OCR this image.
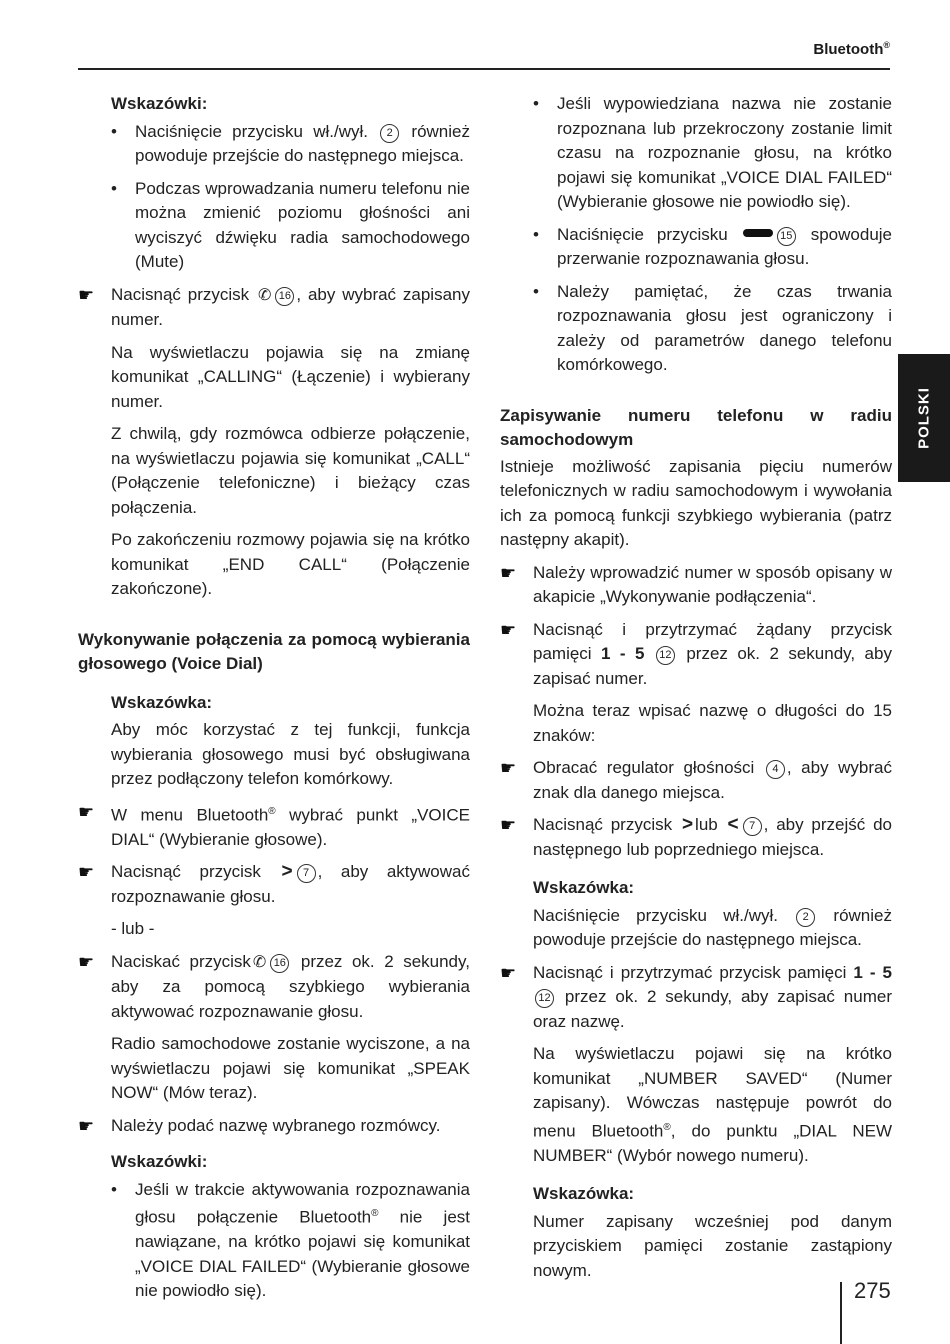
Bluetooth®
POLSKI

Wskazówki:

• Naciśnięcie przycisku wł./wył. 2 również powoduje przejście do następnego miejsca.

• Podczas wprowadzania numeru telefonu nie można zmienić poziomu głośności ani wyciszyć dźwięku radia samochodowego (Mute)

☛ Nacisnąć przycisk ✆ 16 , aby wybrać zapisany numer.

Na wyświetlaczu pojawia się na zmianę komunikat „CALLING“ (Łączenie) i wybierany numer.

Z chwilą, gdy rozmówca odbierze połączenie, na wyświetlaczu pojawia się komunikat „CALL“ (Połączenie telefoniczne) i bieżący czas połączenia.

Po zakończeniu rozmowy pojawia się na krótko komunikat „END CALL“ (Połączenie zakończone).

Wykonywanie połączenia za pomocą wybierania głosowego (Voice Dial)

Wskazówka:

Aby móc korzystać z tej funkcji, funkcja wybierania głosowego musi być obsługiwana przez podłączony telefon komórkowy.

☛ W menu Bluetooth® wybrać punkt „VOICE DIAL“ (Wybieranie głosowe).

☛ Nacisnąć przycisk > 7 , aby aktywować rozpoznawanie głosu.

- lub -

☛ Naciskać przycisk ✆ 16 przez ok. 2 sekundy, aby za pomocą szybkiego wybierania aktywować rozpoznawanie głosu.

Radio samochodowe zostanie wyciszone, a na wyświetlaczu pojawi się komunikat „SPEAK NOW“ (Mów teraz).

☛ Należy podać nazwę wybranego rozmówcy.

Wskazówki:

• Jeśli w trakcie aktywowania rozpoznawania głosu połączenie Bluetooth® nie jest nawiązane, na krótko pojawi się komunikat „VOICE DIAL FAILED“ (Wybieranie głosowe nie powiodło się).

• Jeśli wypowiedziana nazwa nie zostanie rozpoznana lub przekroczony zostanie limit czasu na rozpoznanie głosu, na krótko pojawi się komunikat „VOICE DIAL FAILED“ (Wybieranie głosowe nie powiodło się).

• Naciśnięcie przycisku	15 spowoduje przerwanie rozpoznawania głosu.

• Należy pamiętać, że czas trwania rozpoznawania głosu jest ograniczony i zależy od parametrów danego telefonu komórkowego.

Zapisywanie numeru telefonu w radiu samochodowym

Istnieje możliwość zapisania pięciu numerów telefonicznych w radiu samochodowym i wywołania ich za pomocą funkcji szybkiego wybierania (patrz następny akapit).

☛ Należy wprowadzić numer w sposób opisany w akapicie „Wykonywanie podłączenia“.

☛ Nacisnąć i przytrzymać żądany przycisk pamięci 1 - 5 12 przez ok. 2 sekundy, aby zapisać numer.

Można teraz wpisać nazwę o długości do 15 znaków:

☛ Obracać regulator głośności 4 , aby wybrać znak dla danego miejsca.

☛ Nacisnąć przycisk > lub < 7 , aby przejść do następnego lub poprzedniego miejsca.

Wskazówka:

Naciśnięcie przycisku wł./wył. 2 również powoduje przejście do następnego miejsca.

☛ Nacisnąć i przytrzymać przycisk pamięci 1 - 5 12 przez ok. 2 sekundy, aby zapisać numer oraz nazwę.

Na wyświetlaczu pojawi się na krótko komunikat „NUMBER SAVED“ (Numer zapisany). Wówczas następuje powrót do menu Bluetooth®, do punktu „DIAL NEW NUMBER“ (Wybór nowego numeru).

Wskazówka:

Numer zapisany wcześniej pod danym przyciskiem pamięci zostanie zastąpiony nowym.

275
